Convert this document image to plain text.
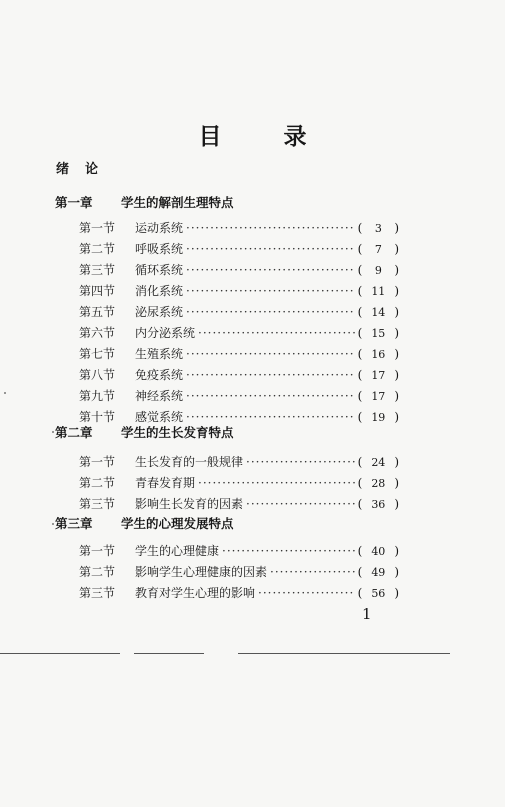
目	录
绪论
第一章 学生的解剖生理特点
第一节	运动系统 ·····	(	3	)
第二节	呼吸系统 ·····	(	7	)
第三节	循环系统 ·····	(	9	)
第四节	消化系统 ·····	( 11 )
第五节	泌尿系统 ·····	( 14 )
第六节	内分泌系统 ·····	( 15 )
第七节	生殖系统 ·····	( 16 )
第八节	免疫系统 ·····	( 17 )
第九节	神经系统 ·····	( 17 )
第十节	感觉系统 ·····	( 19 )
第二章 学生的生长发育特点
第一节	生长发育的一般规律 ·····	( 24 )
第二节	青春发育期 ·····	( 28 )
第三节	影响生长发育的因素 ·····	( 36 )
第三章 学生的心理发展特点
第一节	学生的心理健康 ·····	( 40 )
第二节	影响学生心理健康的因素 ·····	( 49 )
第三节	教育对学生心理的影响 ·····	( 56 )
1
